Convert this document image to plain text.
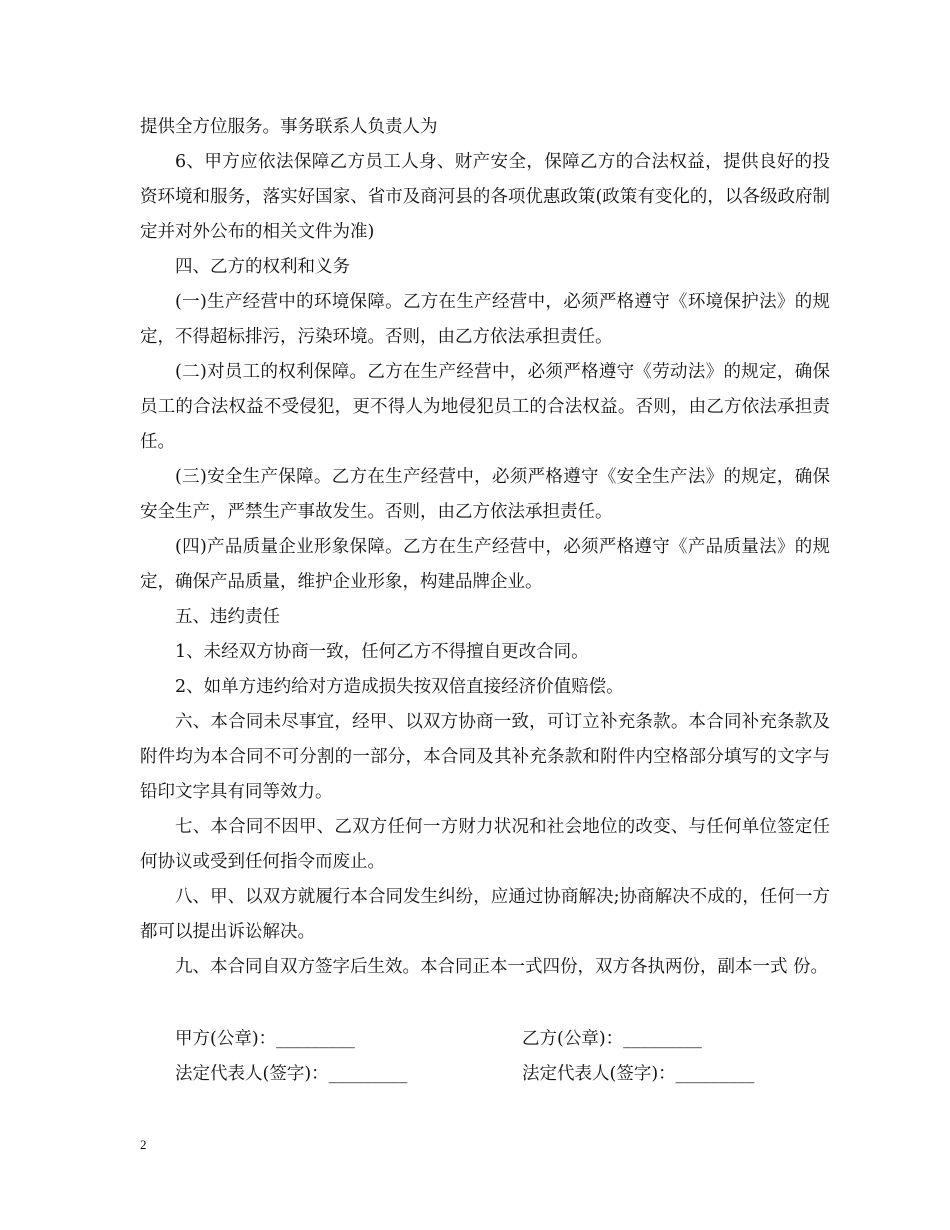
提供全方位服务。事务联系人负责人为

6、甲方应依法保障乙方员工人身、财产安全，保障乙方的合法权益，提供良好的投资环境和服务，落实好国家、省市及商河县的各项优惠政策(政策有变化的，以各级政府制定并对外公布的相关文件为准)

四、乙方的权利和义务

(一)生产经营中的环境保障。乙方在生产经营中，必须严格遵守《环境保护法》的规定，不得超标排污，污染环境。否则，由乙方依法承担责任。

(二)对员工的权利保障。乙方在生产经营中，必须严格遵守《劳动法》的规定，确保员工的合法权益不受侵犯，更不得人为地侵犯员工的合法权益。否则，由乙方依法承担责任。

(三)安全生产保障。乙方在生产经营中，必须严格遵守《安全生产法》的规定，确保安全生产，严禁生产事故发生。否则，由乙方依法承担责任。

(四)产品质量企业形象保障。乙方在生产经营中，必须严格遵守《产品质量法》的规定，确保产品质量，维护企业形象，构建品牌企业。

五、违约责任

1、未经双方协商一致，任何乙方不得擅自更改合同。

2、如单方违约给对方造成损失按双倍直接经济价值赔偿。

六、本合同未尽事宜，经甲、以双方协商一致，可订立补充条款。本合同补充条款及附件均为本合同不可分割的一部分，本合同及其补充条款和附件内空格部分填写的文字与铅印文字具有同等效力。

七、本合同不因甲、乙双方任何一方财力状况和社会地位的改变、与任何单位签定任何协议或受到任何指令而废止。

八、甲、以双方就履行本合同发生纠纷，应通过协商解决;协商解决不成的，任何一方都可以提出诉讼解决。

九、本合同自双方签字后生效。本合同正本一式四份，双方各执两份，副本一式 份。

甲方(公章)：_________	乙方(公章)：_________
法定代表人(签字)：_________	法定代表人(签字)：_________
2
